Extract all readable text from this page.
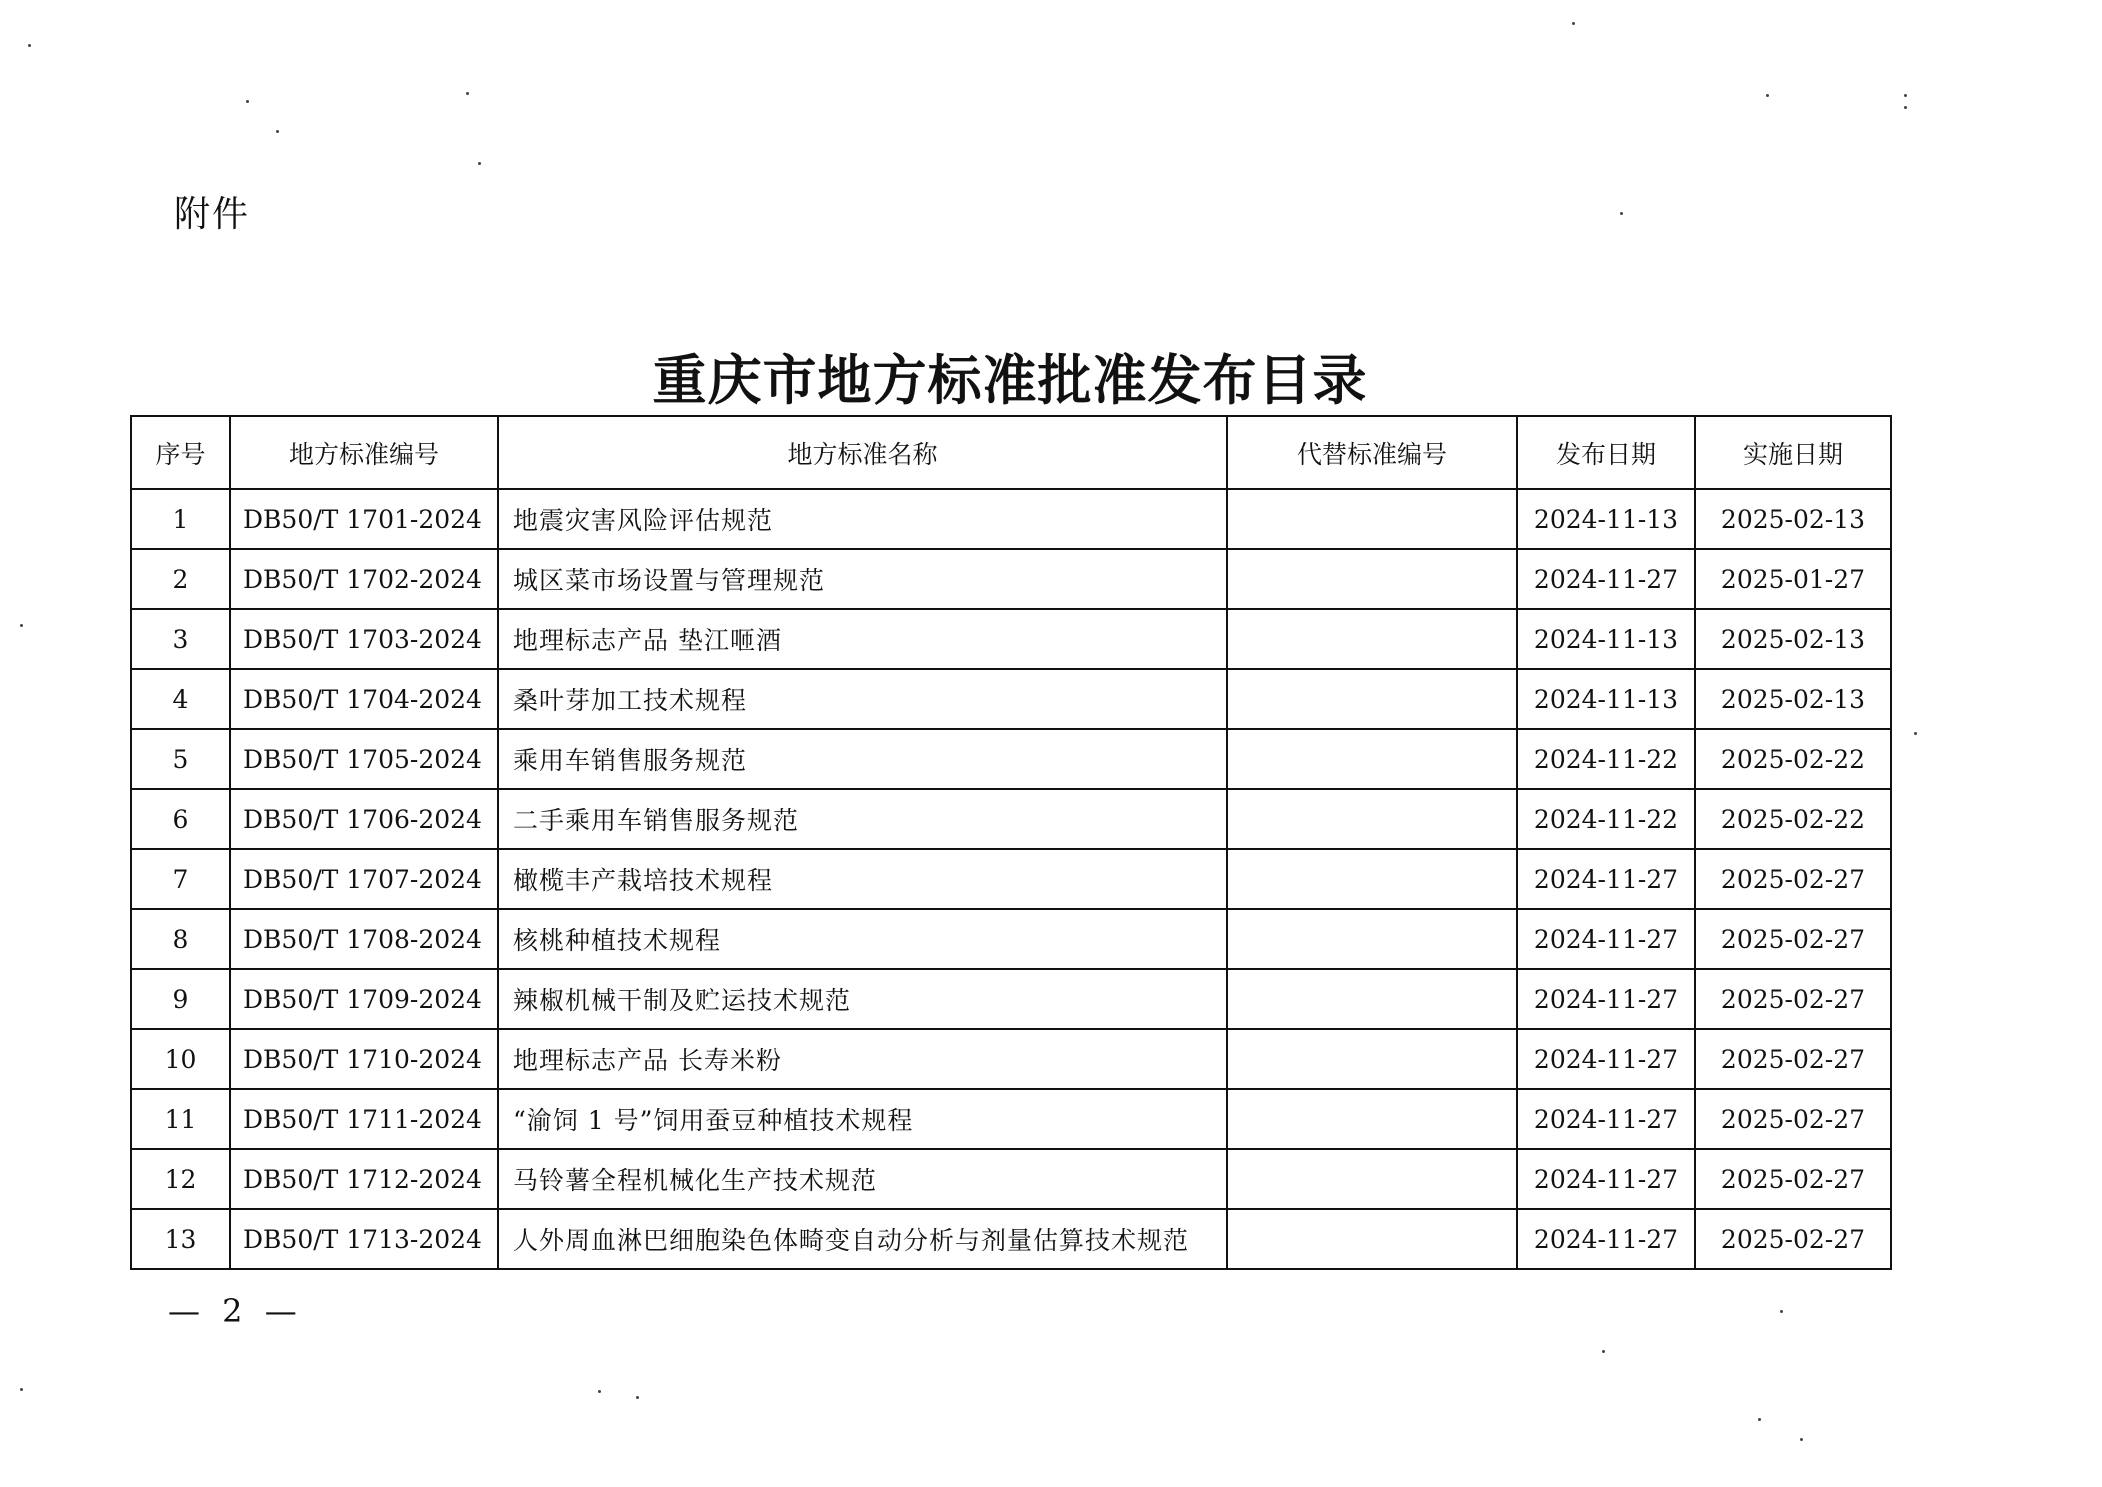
附件
重庆市地方标准批准发布目录
序号	地方标准编号	地方标准名称	代替标准编号	发布日期	实施日期
1	DB50/T 1701-2024	地震灾害风险评估规范		2024-11-13	2025-02-13
2	DB50/T 1702-2024	城区菜市场设置与管理规范		2024-11-27	2025-01-27
3	DB50/T 1703-2024	地理标志产品 垫江咂酒		2024-11-13	2025-02-13
4	DB50/T 1704-2024	桑叶芽加工技术规程		2024-11-13	2025-02-13
5	DB50/T 1705-2024	乘用车销售服务规范		2024-11-22	2025-02-22
6	DB50/T 1706-2024	二手乘用车销售服务规范		2024-11-22	2025-02-22
7	DB50/T 1707-2024	橄榄丰产栽培技术规程		2024-11-27	2025-02-27
8	DB50/T 1708-2024	核桃种植技术规程		2024-11-27	2025-02-27
9	DB50/T 1709-2024	辣椒机械干制及贮运技术规范		2024-11-27	2025-02-27
10	DB50/T 1710-2024	地理标志产品 长寿米粉		2024-11-27	2025-02-27
11	DB50/T 1711-2024	“渝饲 1 号”饲用蚕豆种植技术规程		2024-11-27	2025-02-27
12	DB50/T 1712-2024	马铃薯全程机械化生产技术规范		2024-11-27	2025-02-27
13	DB50/T 1713-2024	人外周血淋巴细胞染色体畸变自动分析与剂量估算技术规范		2024-11-27	2025-02-27
— 2 —
